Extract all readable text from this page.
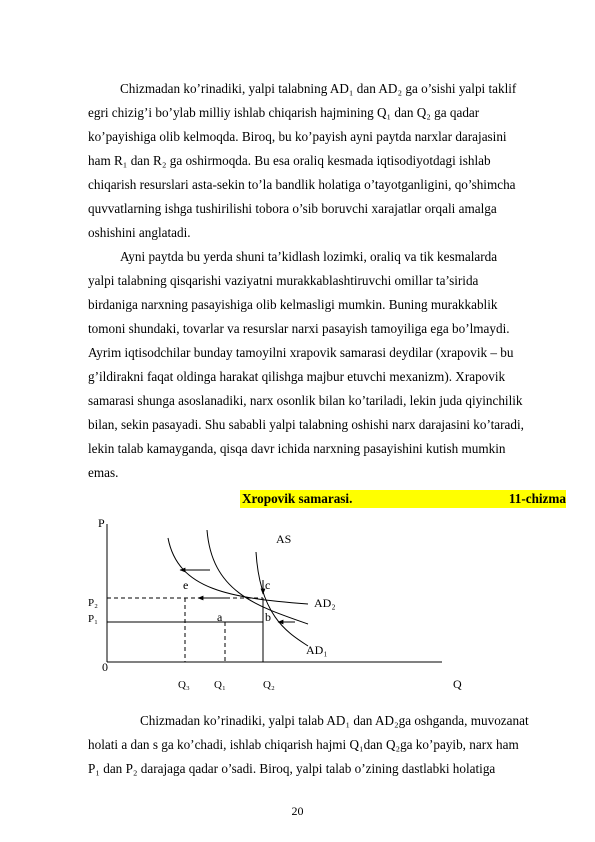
Chizmadan ko’rinadiki, yalpi talabning AD₁ dan AD₂ ga o’sishi yalpi taklif
egri chizig’i bo’ylab milliy ishlab chiqarish hajmining Q₁ dan Q₂ ga qadar
ko’payishiga olib kelmoqda. Biroq, bu ko’payish ayni paytda narxlar darajasini
ham R₁ dan R₂ ga oshirmoqda. Bu esa oraliq kesmada iqtisodiyotdagi ishlab
chiqarish resurslari asta-sekin to’la bandlik holatiga o’tayotganligini, qo’shimcha
quvvatlarning ishga tushirilishi tobora o’sib boruvchi xarajatlar orqali amalga
oshishini anglatadi.
Ayni paytda bu yerda shuni ta’kidlash lozimki, oraliq va tik kesmalarda
yalpi talabning qisqarishi vaziyatni murakkablashtiruvchi omillar ta’sirida
birdaniga narxning pasayishiga olib kelmasligi mumkin. Buning murakkablik
tomoni shundaki, tovarlar va resurslar narxi pasayish tamoyiliga ega bo’lmaydi.
Ayrim iqtisodchilar bunday tamoyilni xrapovik samarasi deydilar (xrapovik – bu
g’ildirakni faqat oldinga harakat qilishga majbur etuvchi mexanizm). Xrapovik
samarasi shunga asoslanadiki, narx osonlik bilan ko’tariladi, lekin juda qiyinchilik
bilan, sekin pasayadi. Shu sababli yalpi talabning oshishi narx darajasini ko’taradi,
lekin talab kamayganda, qisqa davr ichida narxning pasayishini kutish mumkin
emas.
Xropovik samarasi.	11-chizma
P
Q
0
AS
AD₂
AD₁
P₂
P₁
Q₃ Q₁	Q₂
e	c
a	b
Chizmadan ko’rinadiki, yalpi talab AD₁ dan AD₂ga oshganda, muvozanat
holati a dan s ga ko’chadi, ishlab chiqarish hajmi Q₁dan Q₂ga ko’payib, narx ham
P₁ dan P₂ darajaga qadar o’sadi. Biroq, yalpi talab o’zining dastlabki holatiga
20
